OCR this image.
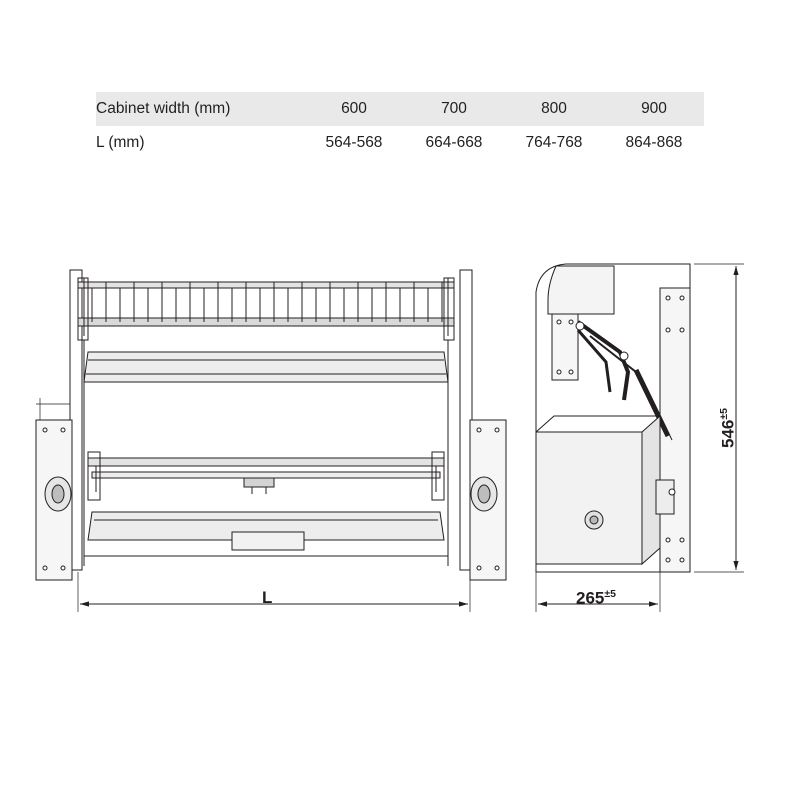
Cabinet width (mm)	600	700	800	900
L (mm)	564-568	664-668	764-768	864-868
L	$265^{\pm 5}$
$546^{\pm 5}$
